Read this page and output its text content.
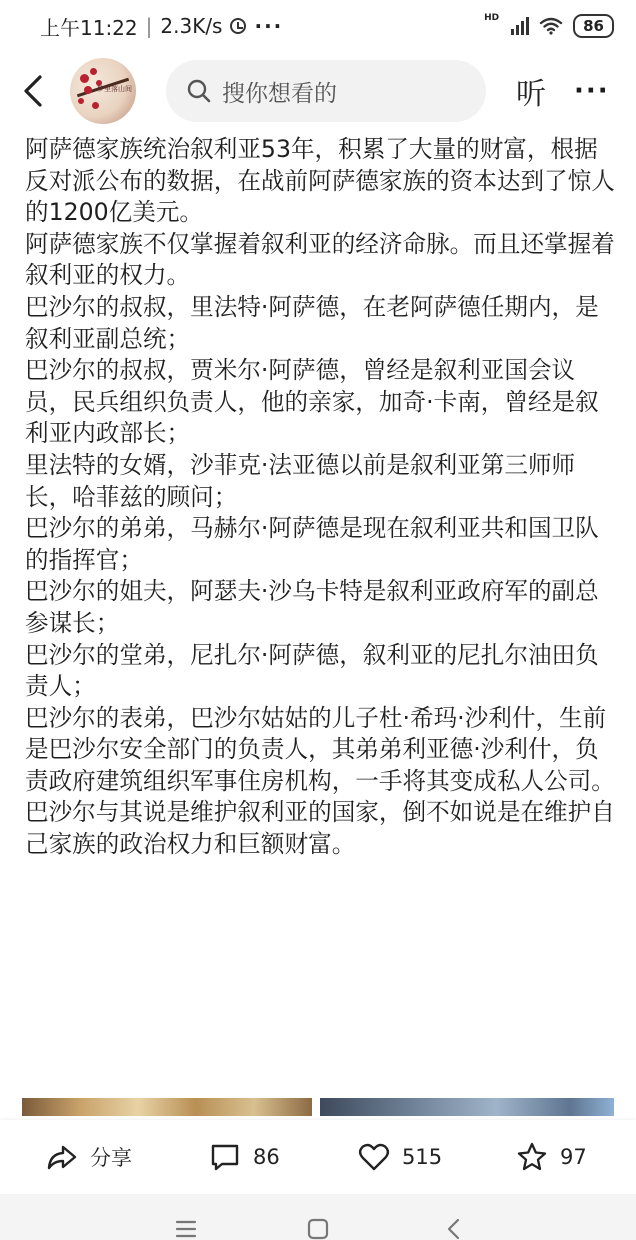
上午11:22 | 2.3K/s ···	HD	86
梦里落山间	搜你想看的	听 ···

阿萨德家族统治叙利亚53年，积累了大量的财富，根据反对派公布的数据，在战前阿萨德家族的资本达到了惊人的1200亿美元。

阿萨德家族不仅掌握着叙利亚的经济命脉。而且还掌握着叙利亚的权力。

巴沙尔的叔叔，里法特·阿萨德，在老阿萨德任期内，是叙利亚副总统；

巴沙尔的叔叔，贾米尔·阿萨德，曾经是叙利亚国会议员，民兵组织负责人，他的亲家，加奇·卡南，曾经是叙利亚内政部长；

里法特的女婿，沙菲克·法亚德以前是叙利亚第三师师长，哈菲兹的顾问；

巴沙尔的弟弟，马赫尔·阿萨德是现在叙利亚共和国卫队的指挥官；

巴沙尔的姐夫，阿瑟夫·沙乌卡特是叙利亚政府军的副总参谋长；

巴沙尔的堂弟，尼扎尔·阿萨德，叙利亚的尼扎尔油田负责人；

巴沙尔的表弟，巴沙尔姑姑的儿子杜·希玛·沙利什，生前是巴沙尔安全部门的负责人，其弟弟利亚德·沙利什，负责政府建筑组织军事住房机构，一手将其变成私人公司。

巴沙尔与其说是维护叙利亚的国家，倒不如说是在维护自己家族的政治权力和巨额财富。

分享	86	515	97
